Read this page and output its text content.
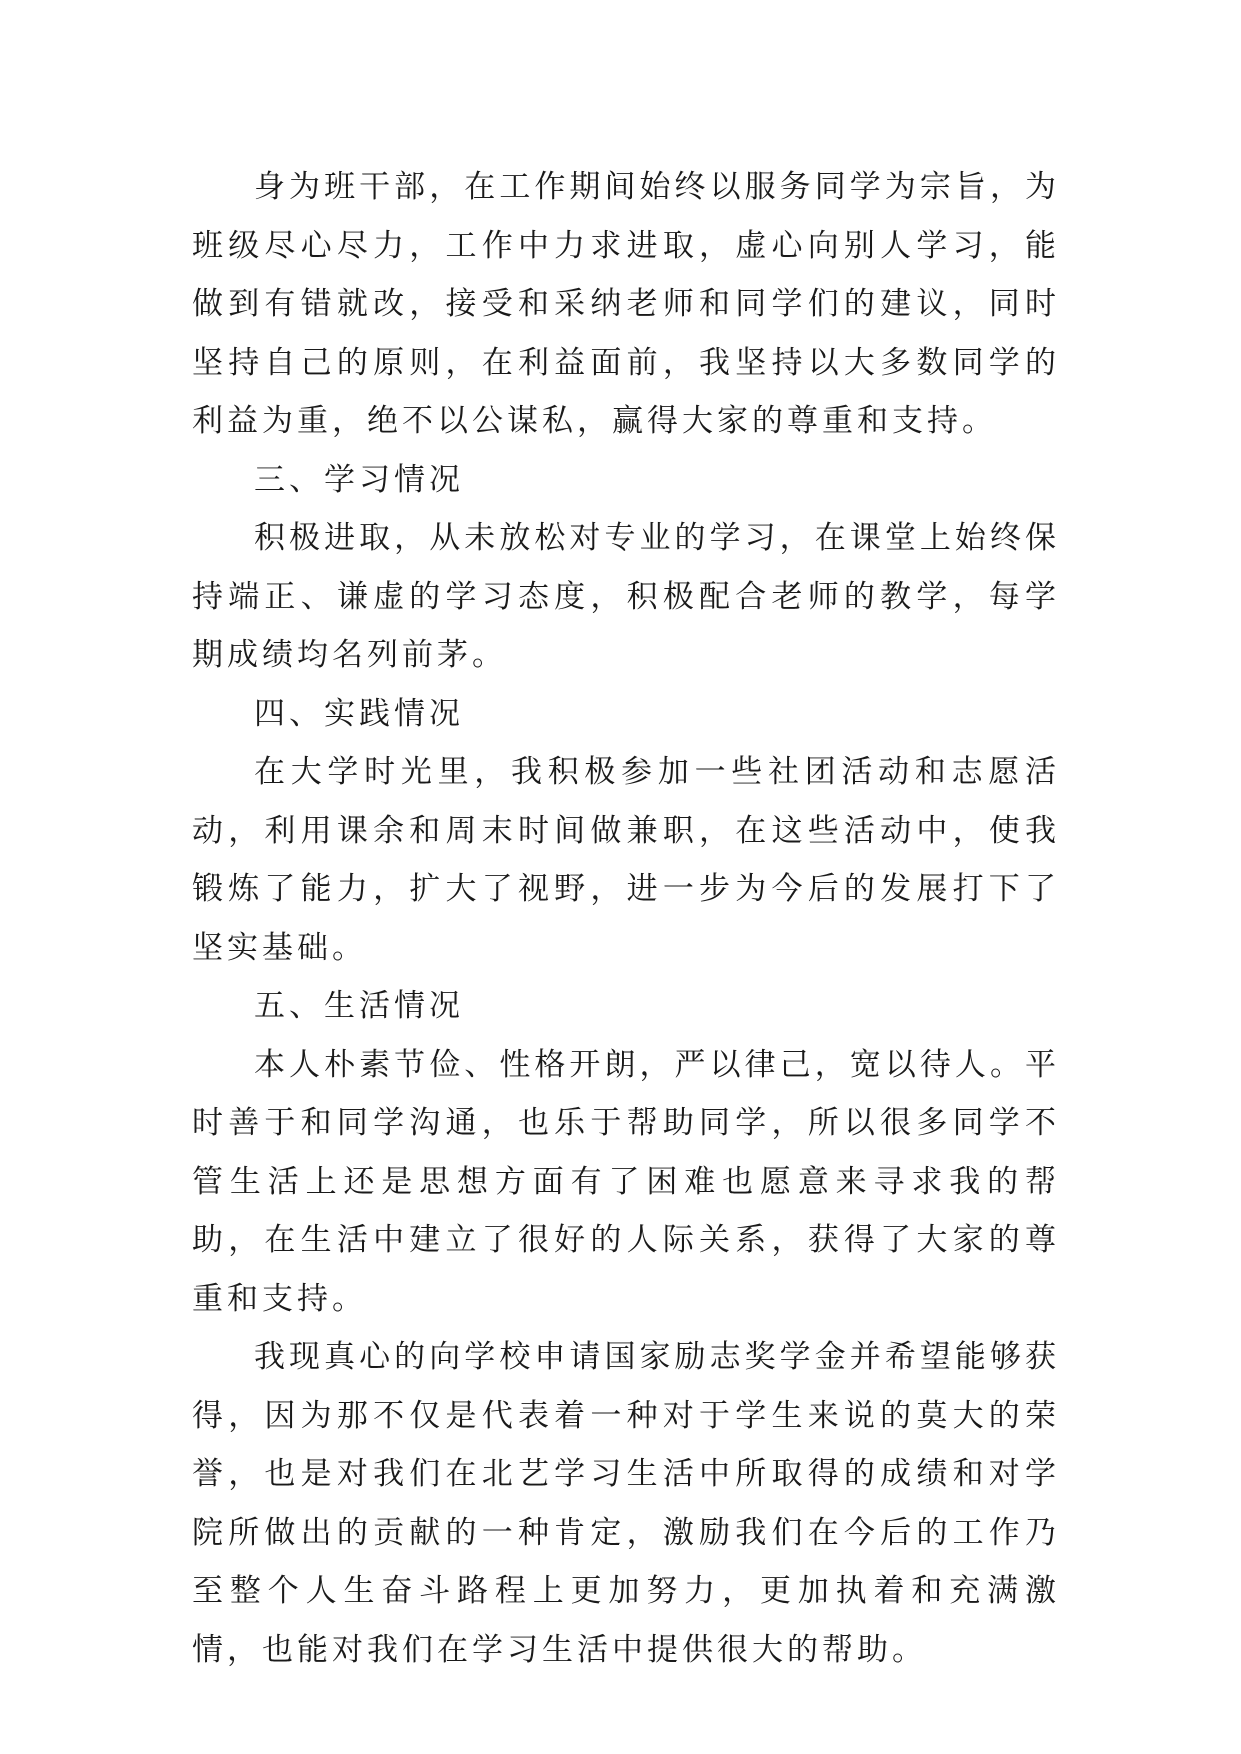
身为班干部，在工作期间始终以服务同学为宗旨，为班级尽心尽力，工作中力求进取，虚心向别人学习，能做到有错就改，接受和采纳老师和同学们的建议，同时坚持自己的原则，在利益面前，我坚持以大多数同学的利益为重，绝不以公谋私，赢得大家的尊重和支持。

三、学习情况

积极进取，从未放松对专业的学习，在课堂上始终保持端正、谦虚的学习态度，积极配合老师的教学，每学期成绩均名列前茅。

四、实践情况

在大学时光里，我积极参加一些社团活动和志愿活动，利用课余和周末时间做兼职，在这些活动中，使我锻炼了能力，扩大了视野，进一步为今后的发展打下了坚实基础。

五、生活情况

本人朴素节俭、性格开朗，严以律己，宽以待人。平时善于和同学沟通，也乐于帮助同学，所以很多同学不管生活上还是思想方面有了困难也愿意来寻求我的帮助，在生活中建立了很好的人际关系，获得了大家的尊重和支持。

我现真心的向学校申请国家励志奖学金并希望能够获得，因为那不仅是代表着一种对于学生来说的莫大的荣誉，也是对我们在北艺学习生活中所取得的成绩和对学院所做出的贡献的一种肯定，激励我们在今后的工作乃至整个人生奋斗路程上更加努力，更加执着和充满激情，也能对我们在学习生活中提供很大的帮助。
